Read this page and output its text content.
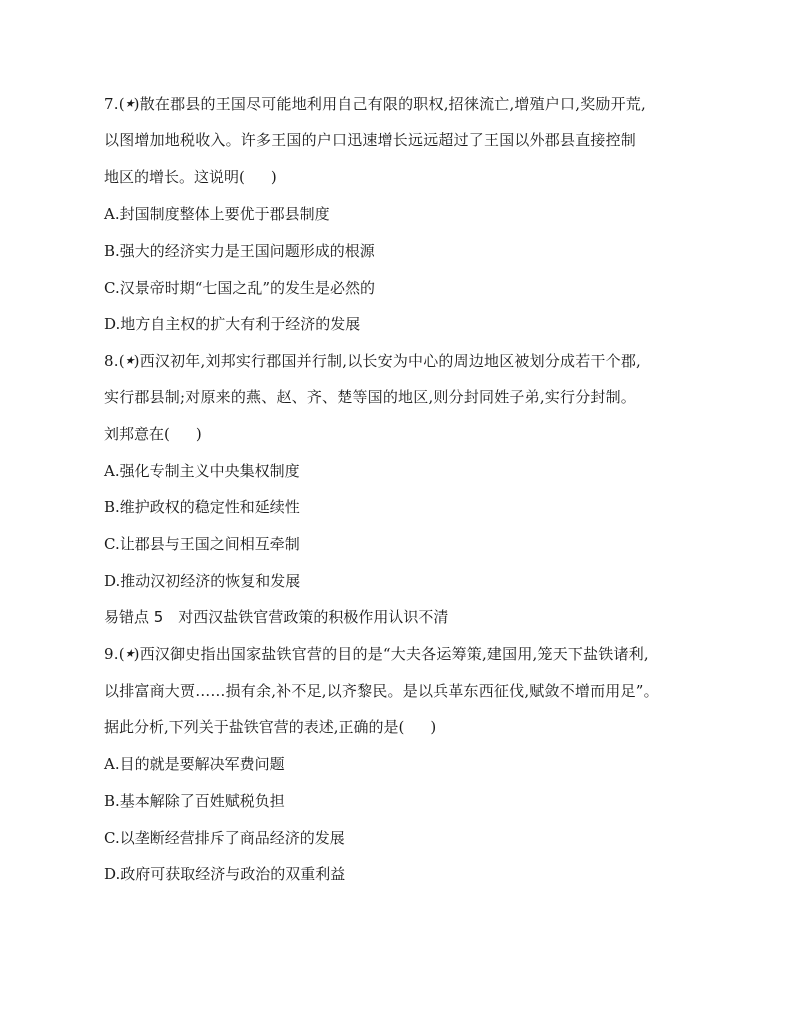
7.(★)散在郡县的王国尽可能地利用自己有限的职权,招徕流亡,增殖户口,奖励开荒,
以图增加地税收入。许多王国的户口迅速增长远远超过了王国以外郡县直接控制
地区的增长。这说明( )
A.封国制度整体上要优于郡县制度
B.强大的经济实力是王国问题形成的根源
C.汉景帝时期“七国之乱”的发生是必然的
D.地方自主权的扩大有利于经济的发展
8.(★)西汉初年,刘邦实行郡国并行制,以长安为中心的周边地区被划分成若干个郡,
实行郡县制;对原来的燕、赵、齐、楚等国的地区,则分封同姓子弟,实行分封制。
刘邦意在( )
A.强化专制主义中央集权制度
B.维护政权的稳定性和延续性
C.让郡县与王国之间相互牵制
D.推动汉初经济的恢复和发展
易错点 5　对西汉盐铁官营政策的积极作用认识不清
9.(★)西汉御史指出国家盐铁官营的目的是“大夫各运筹策,建国用,笼天下盐铁诸利,
以排富商大贾……损有余,补不足,以齐黎民。是以兵革东西征伐,赋敛不增而用足”。
据此分析,下列关于盐铁官营的表述,正确的是( )
A.目的就是要解决军费问题
B.基本解除了百姓赋税负担
C.以垄断经营排斥了商品经济的发展
D.政府可获取经济与政治的双重利益
